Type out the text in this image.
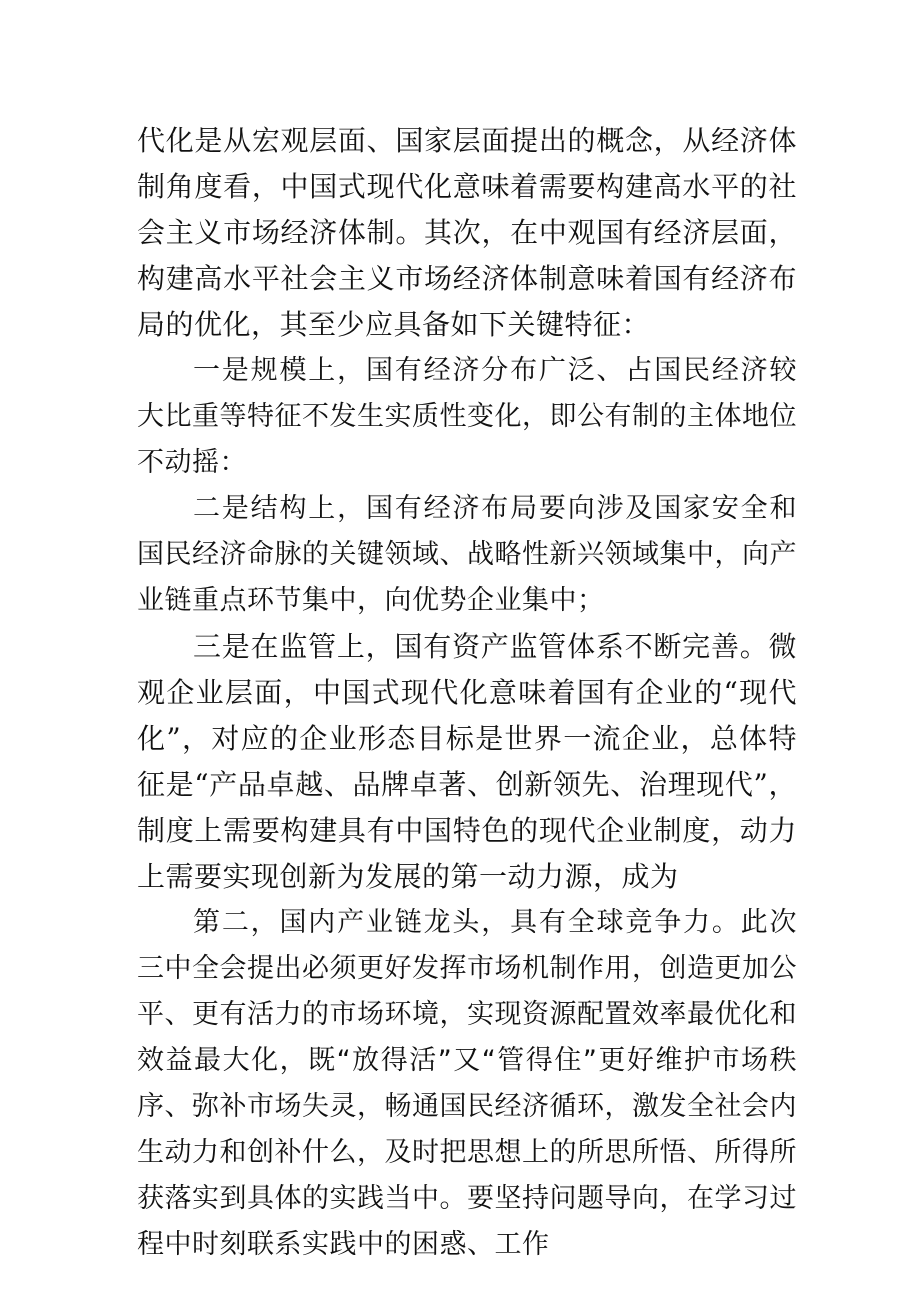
代化是从宏观层面、国家层面提出的概念，从经济体制角度看，中国式现代化意味着需要构建高水平的社会主义市场经济体制。其次，在中观国有经济层面，构建高水平社会主义市场经济体制意味着国有经济布局的优化，其至少应具备如下关键特征：

一是规模上，国有经济分布广泛、占国民经济较大比重等特征不发生实质性变化，即公有制的主体地位不动摇：

二是结构上，国有经济布局要向涉及国家安全和国民经济命脉的关键领域、战略性新兴领域集中，向产业链重点环节集中，向优势企业集中；

三是在监管上，国有资产监管体系不断完善。微观企业层面，中国式现代化意味着国有企业的“现代化”，对应的企业形态目标是世界一流企业，总体特征是“产品卓越、品牌卓著、创新领先、治理现代”，制度上需要构建具有中国特色的现代企业制度，动力上需要实现创新为发展的第一动力源，成为

第二，国内产业链龙头，具有全球竞争力。此次三中全会提出必须更好发挥市场机制作用，创造更加公平、更有活力的市场环境，实现资源配置效率最优化和效益最大化，既“放得活”又“管得住”更好维护市场秩序、弥补市场失灵，畅通国民经济循环，激发全社会内生动力和创补什么，及时把思想上的所思所悟、所得所获落实到具体的实践当中。要坚持问题导向，在学习过程中时刻联系实践中的困惑、工作
